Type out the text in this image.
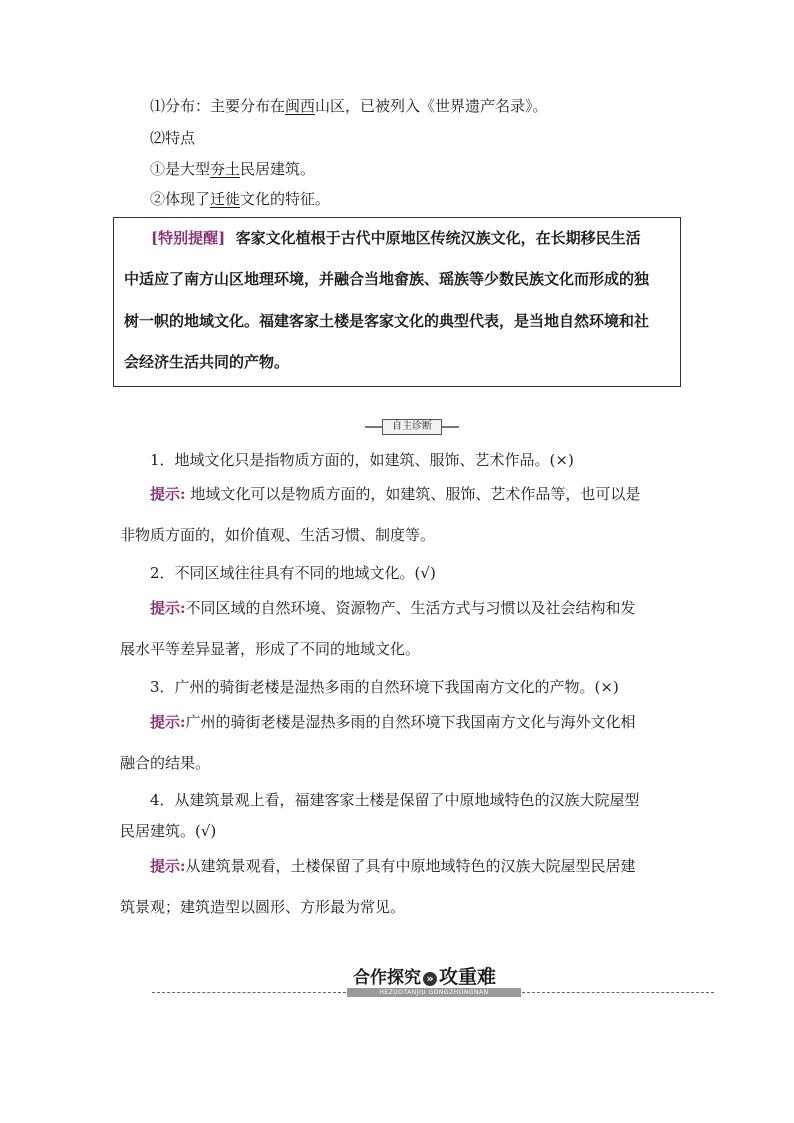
⑴分布：主要分布在闽西山区，已被列入《世界遗产名录》。
⑵特点
①是大型夯土民居建筑。
②体现了迁徙文化的特征。
[特别提醒] 客家文化植根于古代中原地区传统汉族文化，在长期移民生活
中适应了南方山区地理环境，并融合当地畲族、瑶族等少数民族文化而形成的独
树一帜的地域文化。福建客家土楼是客家文化的典型代表，是当地自然环境和社
会经济生活共同的产物。
自主诊断
1．地域文化只是指物质方面的，如建筑、服饰、艺术作品。(×)
提示: 地域文化可以是物质方面的，如建筑、服饰、艺术作品等，也可以是
非物质方面的，如价值观、生活习惯、制度等。
2．不同区域往往具有不同的地域文化。(√)
提示:不同区域的自然环境、资源物产、生活方式与习惯以及社会结构和发
展水平等差异显著，形成了不同的地域文化。
3．广州的骑街老楼是湿热多雨的自然环境下我国南方文化的产物。(×)
提示:广州的骑街老楼是湿热多雨的自然环境下我国南方文化与海外文化相
融合的结果。
4．从建筑景观上看，福建客家土楼是保留了中原地域特色的汉族大院屋型
民居建筑。(√)
提示:从建筑景观看，土楼保留了具有中原地域特色的汉族大院屋型民居建
筑景观；建筑造型以圆形、方形最为常见。
合作探究 » 攻重难
HEZUOTANJIU GONGZHONGNAN
